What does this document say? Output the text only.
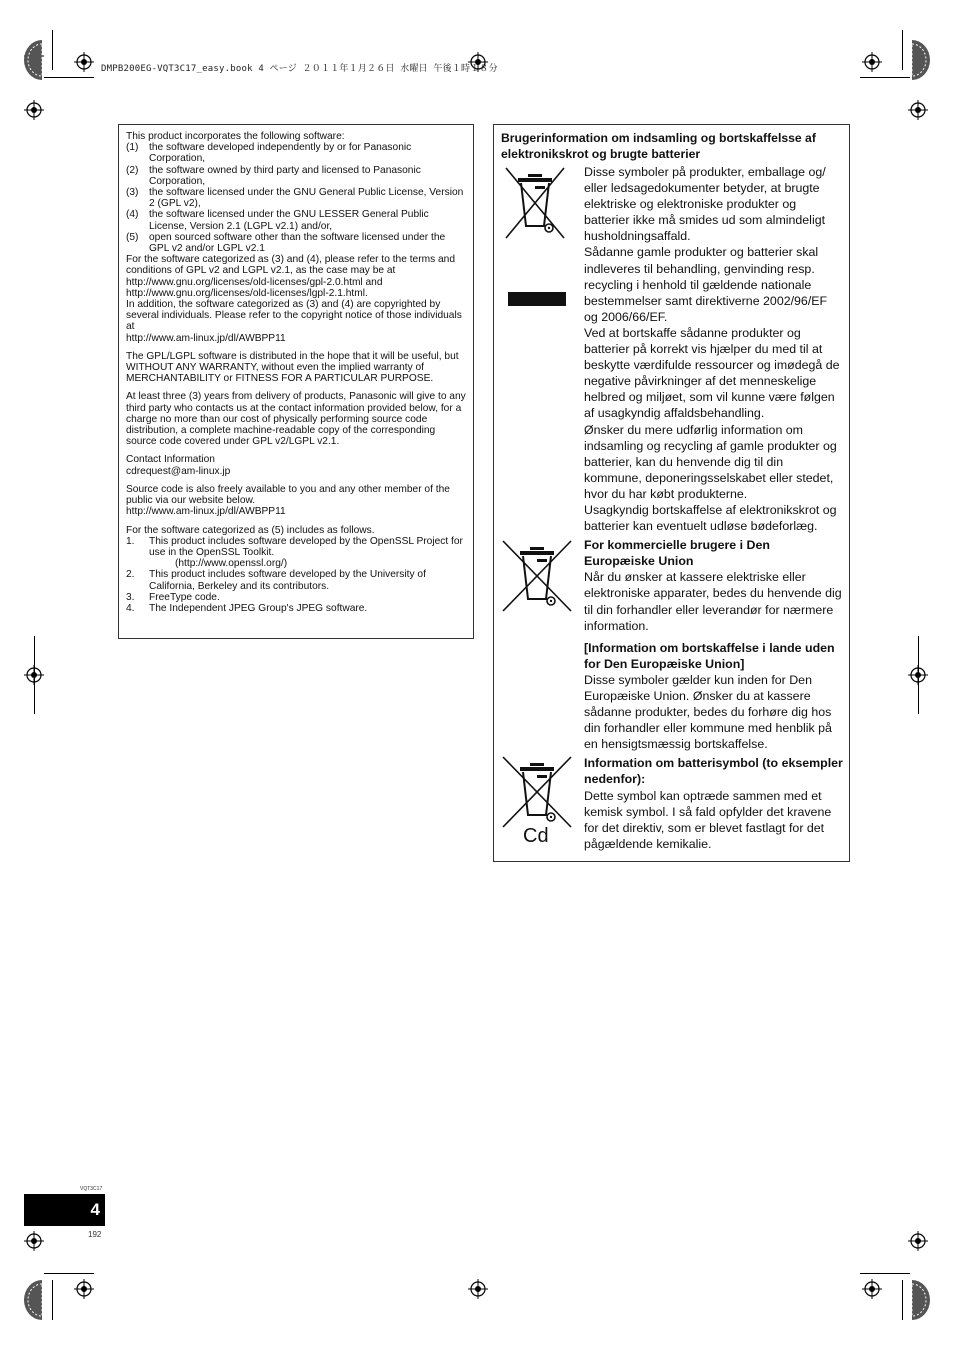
DMPB200EG-VQT3C17_easy.book 4 ページ ２０１１年１月２６日 水曜日 午後１時１８分
This product incorporates the following software:
(1)	the software developed independently by or for Panasonic Corporation,
(2)	the software owned by third party and licensed to Panasonic Corporation,
(3)	the software licensed under the GNU General Public License, Version 2 (GPL v2),
(4)	the software licensed under the GNU LESSER General Public License, Version 2.1 (LGPL v2.1) and/or,
(5)	open sourced software other than the software licensed under the GPL v2 and/or LGPL v2.1

For the software categorized as (3) and (4), please refer to the terms and conditions of GPL v2 and LGPL v2.1, as the case may be at

http://www.gnu.org/licenses/old-licenses/gpl-2.0.html and
http://www.gnu.org/licenses/old-licenses/lgpl-2.1.html.
In addition, the software categorized as (3) and (4) are copyrighted by several individuals. Please refer to the copyright notice of those individuals at

http://www.am-linux.jp/dl/AWBPP11

The GPL/LGPL software is distributed in the hope that it will be useful, but WITHOUT ANY WARRANTY, without even the implied warranty of MERCHANTABILITY or FITNESS FOR A PARTICULAR PURPOSE.

At least three (3) years from delivery of products, Panasonic will give to any third party who contacts us at the contact information provided below, for a charge no more than our cost of physically performing source code distribution, a complete machine-readable copy of the corresponding source code covered under GPL v2/LGPL v2.1.

Contact Information

cdrequest@am-linux.jp

Source code is also freely available to you and any other member of the public via our website below.

http://www.am-linux.jp/dl/AWBPP11

For the software categorized as (5) includes as follows.
1.	This product includes software developed by the OpenSSL Project for use in the OpenSSL Toolkit.
(http://www.openssl.org/)
2.	This product includes software developed by the University of California, Berkeley and its contributors.
3.	FreeType code.
4.	The Independent JPEG Group's JPEG software.
Brugerinformation om indsamling og bortskaffelsse af elektronikskrot og brugte batterier

Disse symboler på produkter, emballage og/ eller ledsagedokumenter betyder, at brugte elektriske og elektroniske produkter og batterier ikke må smides ud som almindeligt husholdningsaffald.

Sådanne gamle produkter og batterier skal indleveres til behandling, genvinding resp. recycling i henhold til gældende nationale bestemmelser samt direktiverne 2002/96/EF og 2006/66/EF.

Ved at bortskaffe sådanne produkter og batterier på korrekt vis hjælper du med til at beskytte værdifulde ressourcer og imødegå de negative påvirkninger af det menneskelige helbred og miljøet, som vil kunne være følgen af usagkyndig affaldsbehandling.

Ønsker du mere udførlig information om indsamling og recycling af gamle produkter og batterier, kan du henvende dig til din kommune, deponeringsselskabet eller stedet, hvor du har købt produkterne.

Usagkyndig bortskaffelse af elektronikskrot og batterier kan eventuelt udløse bødeforlæg.

For kommercielle brugere i Den Europæiske Union

Når du ønsker at kassere elektriske eller elektroniske apparater, bedes du henvende dig til din forhandler eller leverandør for nærmere information.

[Information om bortskaffelse i lande uden for Den Europæiske Union]

Disse symboler gælder kun inden for Den Europæiske Union. Ønsker du at kassere sådanne produkter, bedes du forhøre dig hos din forhandler eller kommune med henblik på en hensigtsmæssig bortskaffelse.

Cd

Information om batterisymbol (to eksempler nedenfor):

Dette symbol kan optræde sammen med et kemisk symbol. I så fald opfylder det kravene for det direktiv, som er blevet fastlagt for det pågældende kemikalie.

VQT3C17
4
192
